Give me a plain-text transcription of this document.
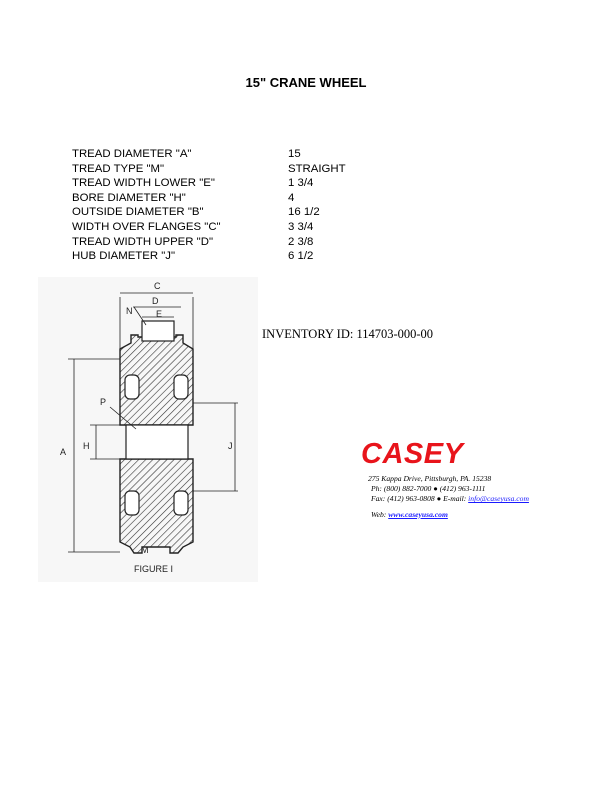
15" CRANE WHEEL
TREAD DIAMETER "A"	15
TREAD TYPE "M"	STRAIGHT
TREAD WIDTH LOWER "E"	1 3/4
BORE DIAMETER "H"	4
OUTSIDE DIAMETER "B"	16 1/2
WIDTH OVER FLANGES "C"	3 3/4
TREAD WIDTH UPPER "D"	2 3/8
HUB DIAMETER "J"	6 1/2
C
D
E
N
P
A
H	J
M
FIGURE I
INVENTORY ID: 114703-000-00
CASEY
275 Kappa Drive, Pittsburgh, PA. 15238
Ph: (800) 882-7000 ● (412) 963-1111
Fax: (412) 963-0808 ● E-mail: info@caseyusa.com
Web: www.caseyusa.com
